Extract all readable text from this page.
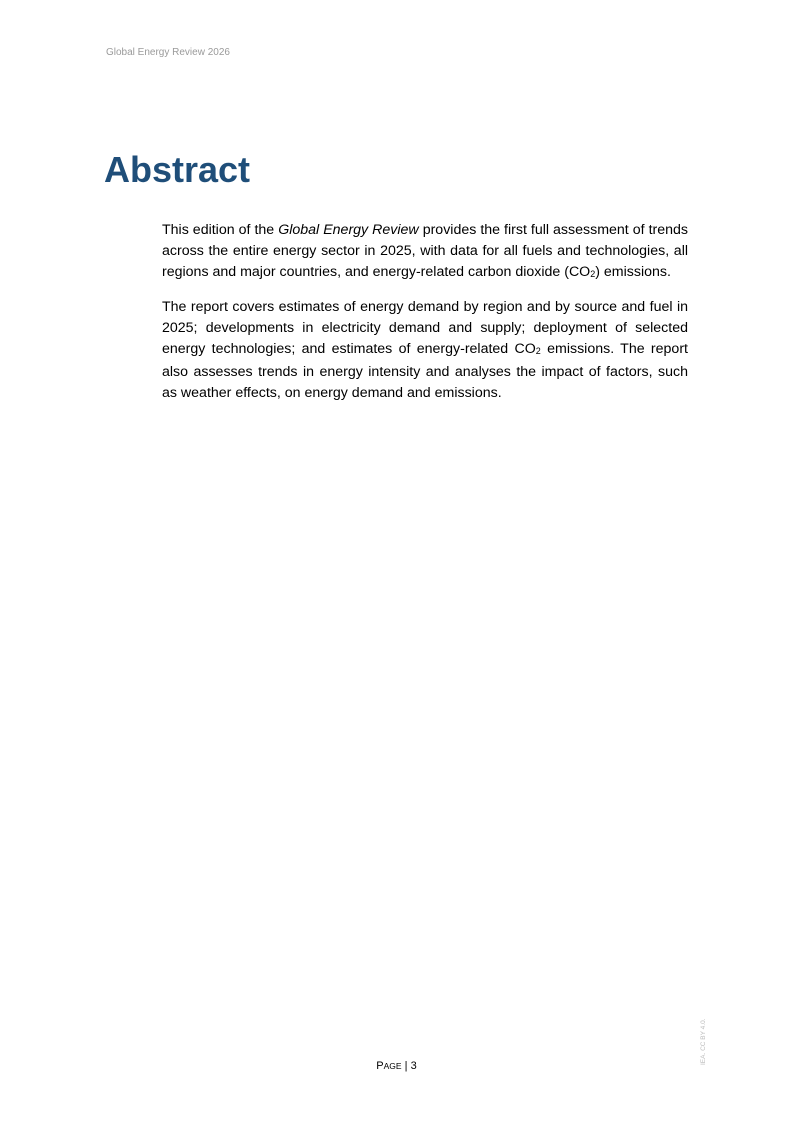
Global Energy Review 2026
Abstract

This edition of the Global Energy Review provides the first full assessment of trends across the entire energy sector in 2025, with data for all fuels and technologies, all regions and major countries, and energy-related carbon dioxide (CO2) emissions.

The report covers estimates of energy demand by region and by source and fuel in 2025; developments in electricity demand and supply; deployment of selected energy technologies; and estimates of energy-related CO2 emissions. The report also assesses trends in energy intensity and analyses the impact of factors, such as weather effects, on energy demand and emissions.

PAGE | 3
IEA. CC BY 4.0.
